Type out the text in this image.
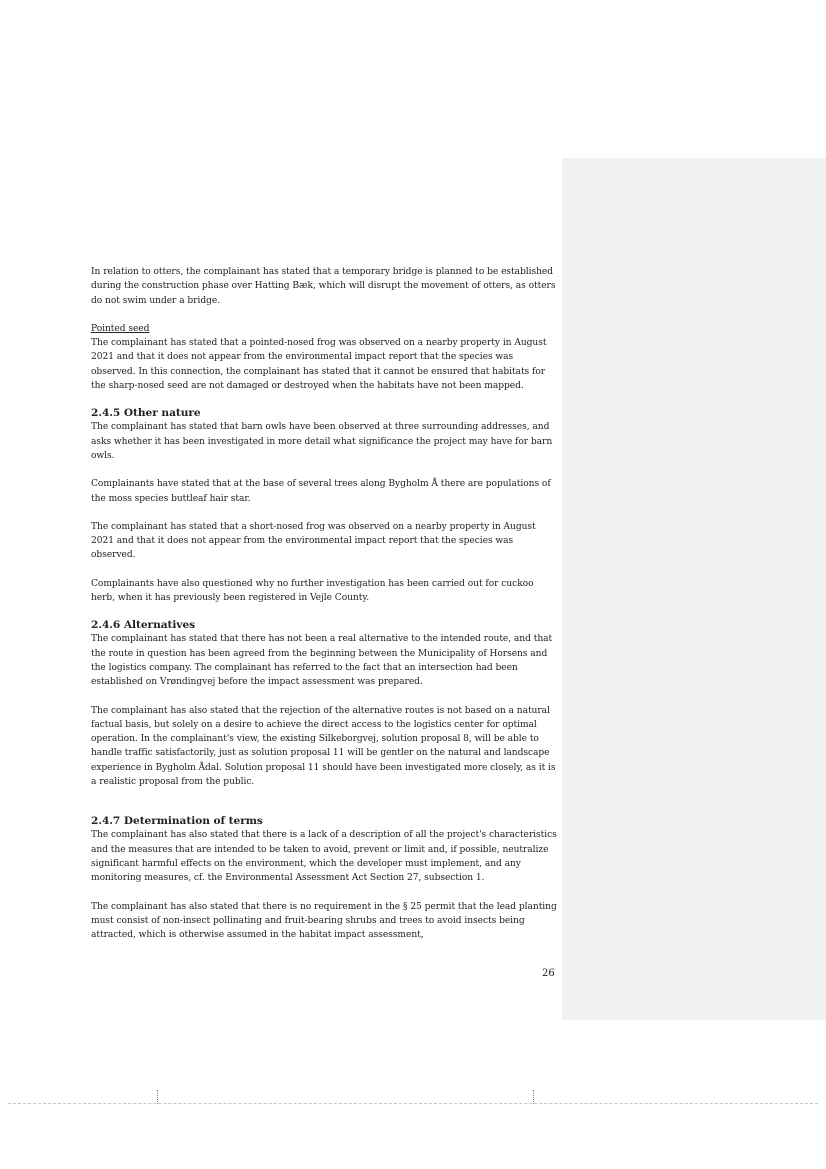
In relation to otters, the complainant has stated that a temporary bridge is planned to be established during the construction phase over Hatting Bæk, which will disrupt the movement of otters, as otters do not swim under a bridge.

Pointed seed
The complainant has stated that a pointed-nosed frog was observed on a nearby property in August 2021 and that it does not appear from the environmental impact report that the species was observed. In this connection, the complainant has stated that it cannot be ensured that habitats for the sharp-nosed seed are not damaged or destroyed when the habitats have not been mapped.
2.4.5 Other nature

The complainant has stated that barn owls have been observed at three surrounding addresses, and asks whether it has been investigated in more detail what significance the project may have for barn owls.

Complainants have stated that at the base of several trees along Bygholm Å there are populations of the moss species buttleaf hair star.

The complainant has stated that a short-nosed frog was observed on a nearby property in August 2021 and that it does not appear from the environmental impact report that the species was observed.

Complainants have also questioned why no further investigation has been carried out for cuckoo herb, when it has previously been registered in Vejle County.

2.4.6 Alternatives

The complainant has stated that there has not been a real alternative to the intended route, and that the route in question has been agreed from the beginning between the Municipality of Horsens and the logistics company. The complainant has referred to the fact that an intersection had been established on Vrøndingvej before the impact assessment was prepared.

The complainant has also stated that the rejection of the alternative routes is not based on a natural factual basis, but solely on a desire to achieve the direct access to the logistics center for optimal operation. In the complainant's view, the existing Silkeborgvej, solution proposal 8, will be able to handle traffic satisfactorily, just as solution proposal 11 will be gentler on the natural and landscape experience in Bygholm Ådal. Solution proposal 11 should have been investigated more closely, as it is a realistic proposal from the public.

2.4.7 Determination of terms

The complainant has also stated that there is a lack of a description of all the project's characteristics and the measures that are intended to be taken to avoid, prevent or limit and, if possible, neutralize significant harmful effects on the environment, which the developer must implement, and any monitoring measures, cf. the Environmental Assessment Act Section 27, subsection 1.

The complainant has also stated that there is no requirement in the § 25 permit that the lead planting must consist of non-insect pollinating and fruit-bearing shrubs and trees to avoid insects being attracted, which is otherwise assumed in the habitat impact assessment,

26
